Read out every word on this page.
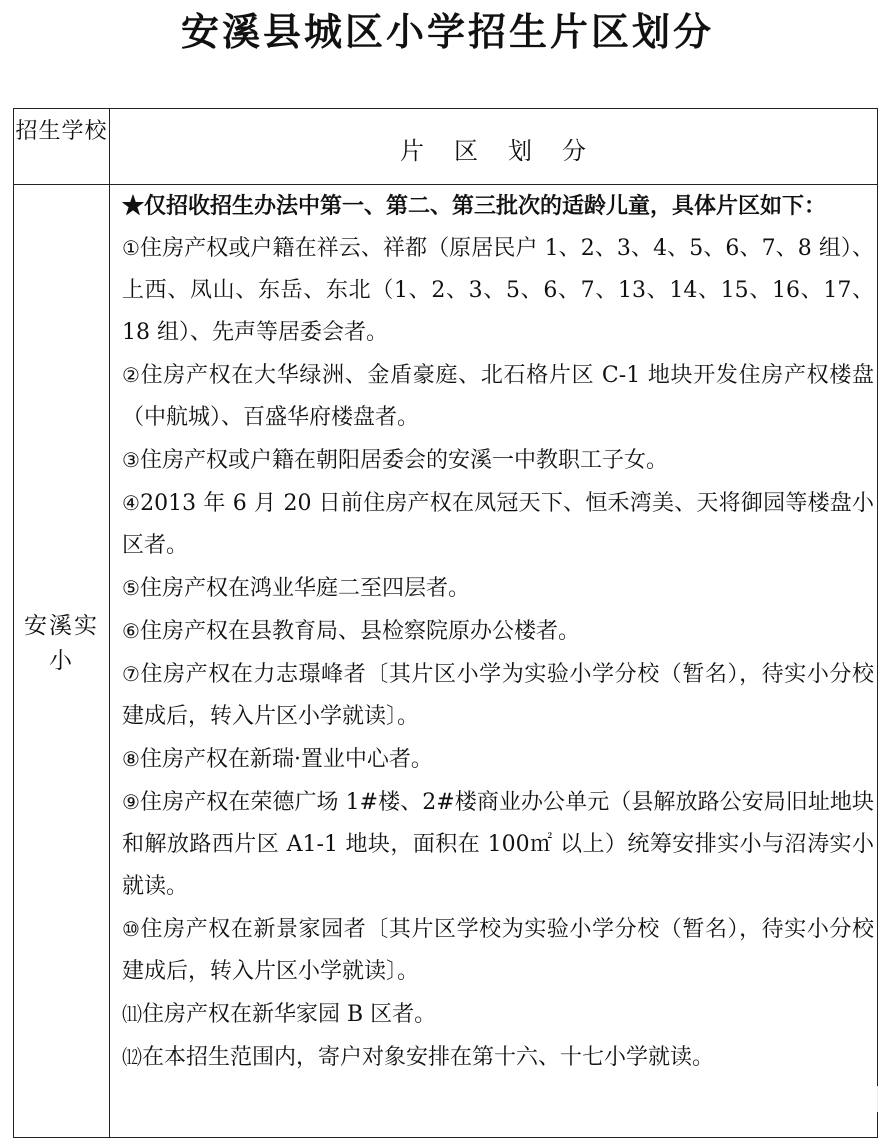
安溪县城区小学招生片区划分
招生学校
片区划分
安溪实小

★仅招收招生办法中第一、第二、第三批次的适龄儿童，具体片区如下：

①住房产权或户籍在祥云、祥都（原居民户 1、2、3、4、5、6、7、8 组）、上西、凤山、东岳、东北（1、2、3、5、6、7、13、14、15、16、17、18 组）、先声等居委会者。

②住房产权在大华绿洲、金盾豪庭、北石格片区 C-1 地块开发住房产权楼盘（中航城）、百盛华府楼盘者。

③住房产权或户籍在朝阳居委会的安溪一中教职工子女。

④2013 年 6 月 20 日前住房产权在凤冠天下、恒禾湾美、天将御园等楼盘小区者。

⑤住房产权在鸿业华庭二至四层者。

⑥住房产权在县教育局、县检察院原办公楼者。

⑦住房产权在力志璟峰者〔其片区小学为实验小学分校（暂名），待实小分校建成后，转入片区小学就读〕。

⑧住房产权在新瑞·置业中心者。

⑨住房产权在荣德广场 1#楼、2#楼商业办公单元（县解放路公安局旧址地块和解放路西片区 A1-1 地块，面积在 100㎡ 以上）统筹安排实小与沼涛实小就读。

⑩住房产权在新景家园者〔其片区学校为实验小学分校（暂名），待实小分校建成后，转入片区小学就读〕。

⑾住房产权在新华家园 B 区者。

⑿在本招生范围内，寄户对象安排在第十六、十七小学就读。
